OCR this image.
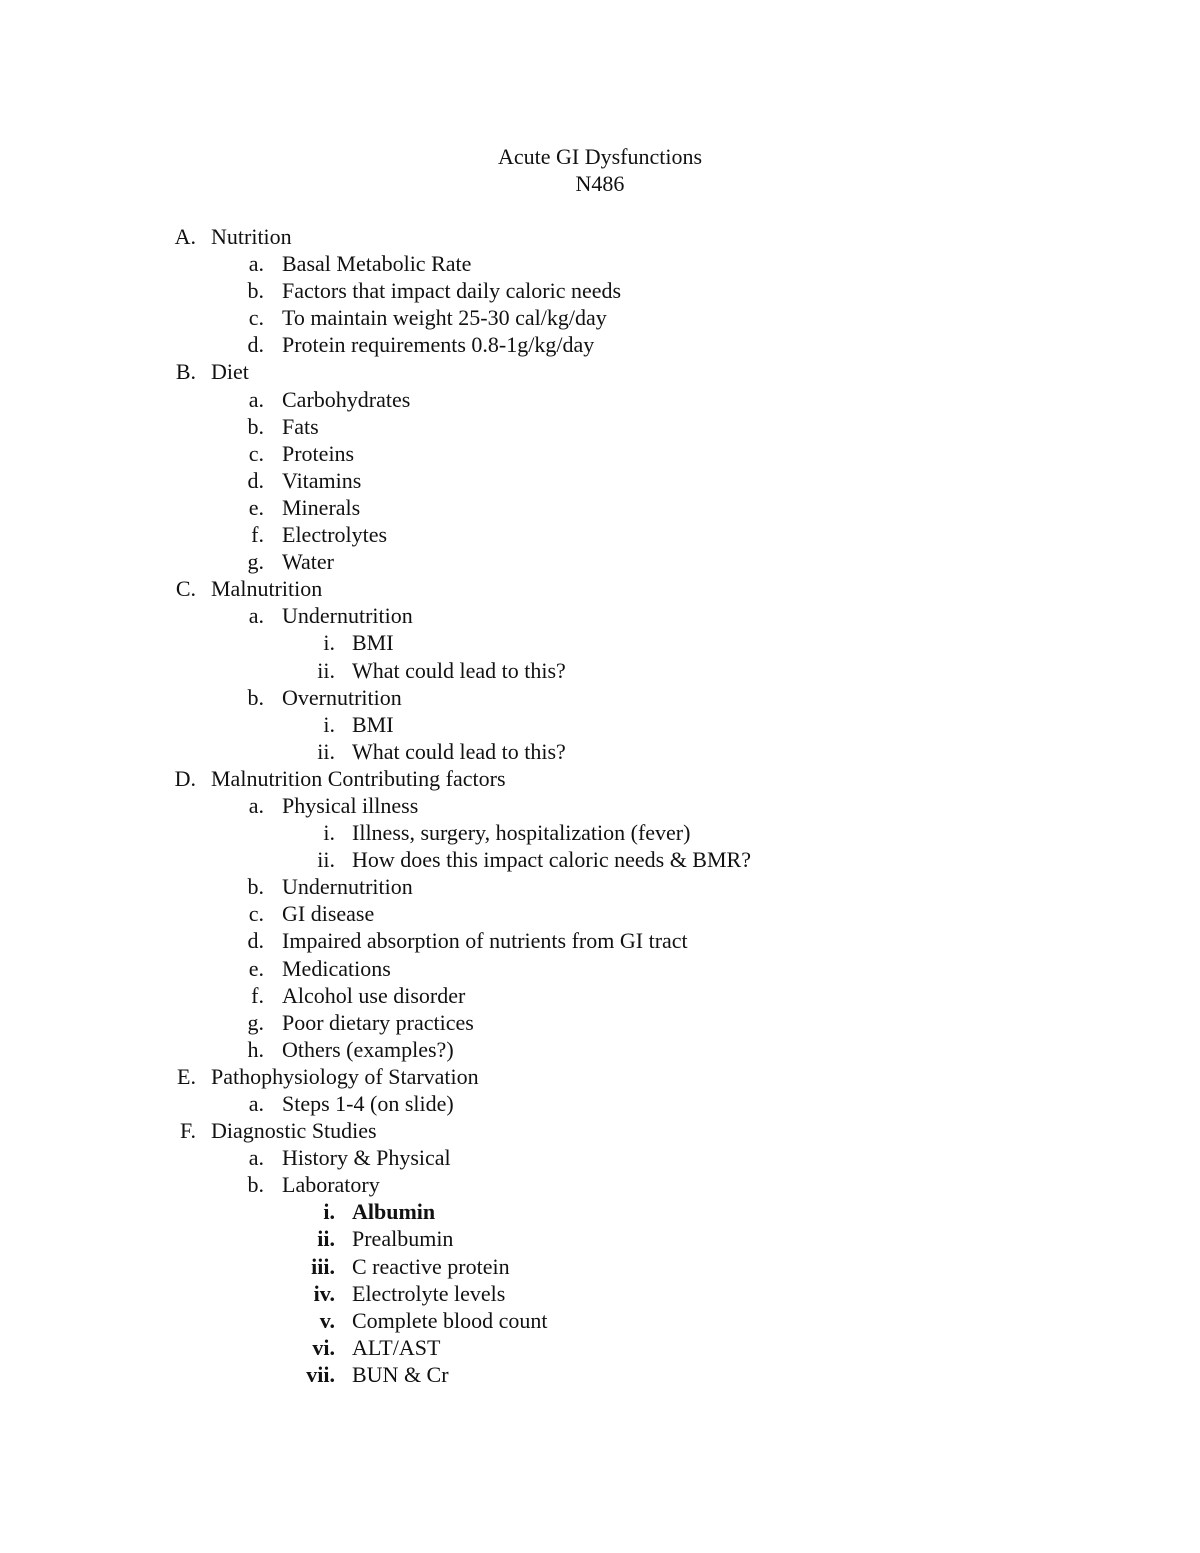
Acute GI Dysfunctions
N486
A. Nutrition
a. Basal Metabolic Rate
b. Factors that impact daily caloric needs
c. To maintain weight 25-30 cal/kg/day
d. Protein requirements 0.8-1g/kg/day
B. Diet
a. Carbohydrates
b. Fats
c. Proteins
d. Vitamins
e. Minerals
f. Electrolytes
g. Water
C. Malnutrition
a. Undernutrition
i. BMI
ii. What could lead to this?
b. Overnutrition
i. BMI
ii. What could lead to this?
D. Malnutrition Contributing factors
a. Physical illness
i. Illness, surgery, hospitalization (fever)
ii. How does this impact caloric needs & BMR?
b. Undernutrition
c. GI disease
d. Impaired absorption of nutrients from GI tract
e. Medications
f. Alcohol use disorder
g. Poor dietary practices
h. Others (examples?)
E. Pathophysiology of Starvation
a. Steps 1-4 (on slide)
F. Diagnostic Studies
a. History & Physical
b. Laboratory
i. Albumin
ii. Prealbumin
iii. C reactive protein
iv. Electrolyte levels
v. Complete blood count
vi. ALT/AST
vii. BUN & Cr
